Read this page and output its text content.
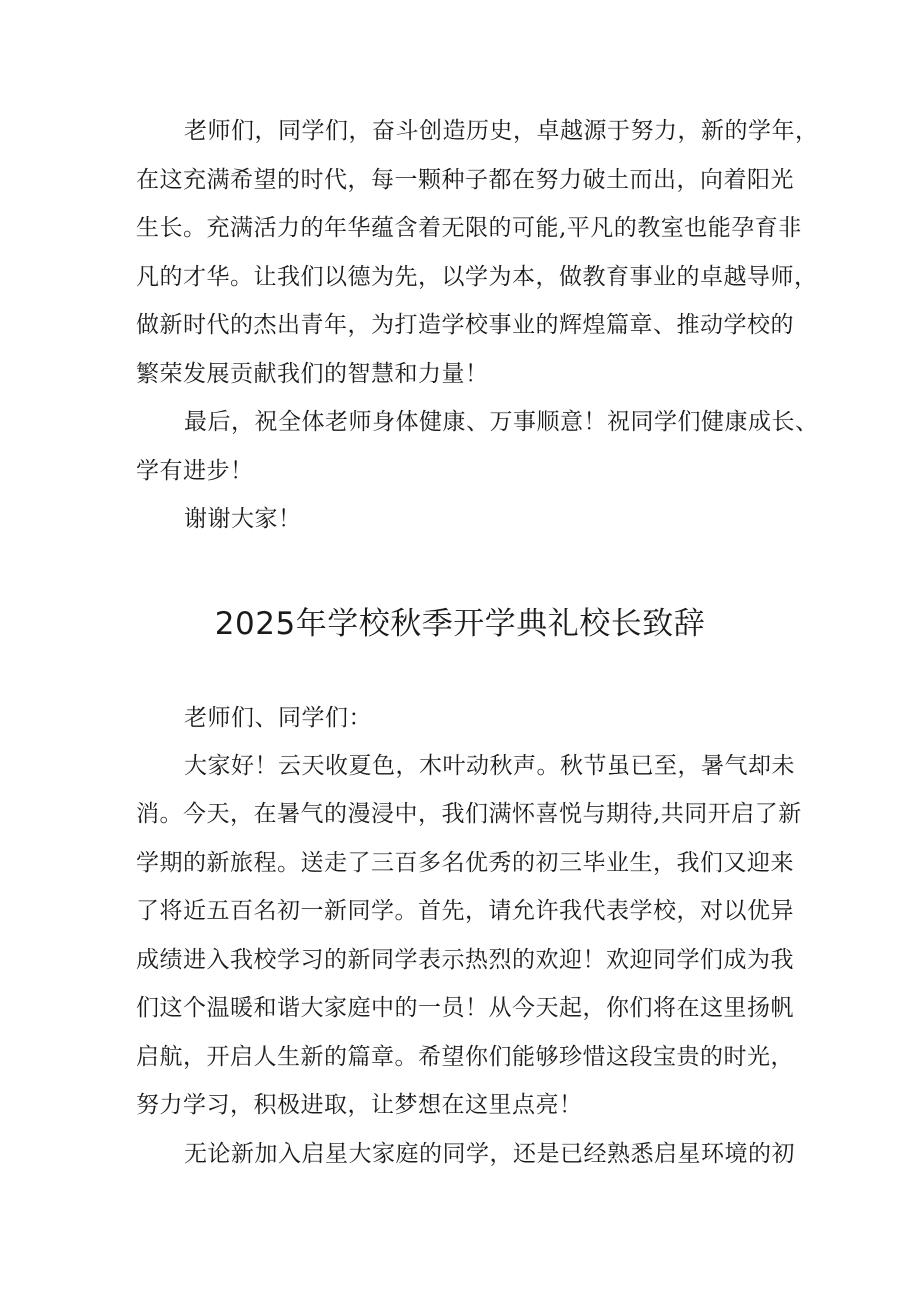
老师们，同学们，奋斗创造历史，卓越源于努力，新的学年，
在这充满希望的时代，每一颗种子都在努力破土而出，向着阳光
生长。充满活力的年华蕴含着无限的可能,平凡的教室也能孕育非
凡的才华。让我们以德为先，以学为本，做教育事业的卓越导师，
做新时代的杰出青年，为打造学校事业的辉煌篇章、推动学校的
繁荣发展贡献我们的智慧和力量！
最后，祝全体老师身体健康、万事顺意！祝同学们健康成长、
学有进步！
谢谢大家！
2025年学校秋季开学典礼校长致辞
老师们、同学们：
大家好！云天收夏色，木叶动秋声。秋节虽已至，暑气却未
消。今天，在暑气的漫浸中，我们满怀喜悦与期待,共同开启了新
学期的新旅程。送走了三百多名优秀的初三毕业生，我们又迎来
了将近五百名初一新同学。首先，请允许我代表学校，对以优异
成绩进入我校学习的新同学表示热烈的欢迎！欢迎同学们成为我
们这个温暖和谐大家庭中的一员！从今天起，你们将在这里扬帆
启航，开启人生新的篇章。希望你们能够珍惜这段宝贵的时光，
努力学习，积极进取，让梦想在这里点亮！
无论新加入启星大家庭的同学，还是已经熟悉启星环境的初
